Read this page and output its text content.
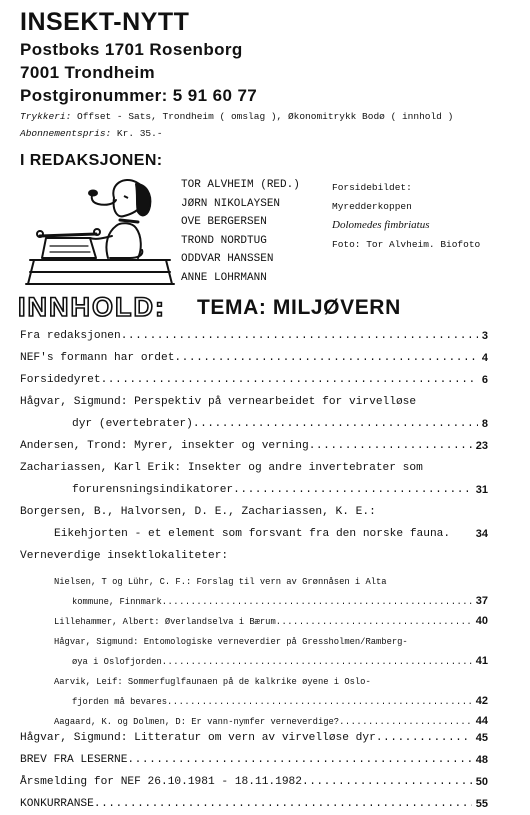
INSEKT-NYTT
Postboks 1701 Rosenborg
7001 Trondheim
Postgironummer: 5 91 60 77
Trykkeri: Offset - Sats, Trondheim ( omslag ), Økonomitrykk Bodø ( innhold )
Abonnementspris: Kr. 35.-
I REDAKSJONEN:
TOR ALVHEIM (RED.)
JØRN NIKOLAYSEN
OVE BERGERSEN
TROND NORDTUG
ODDVAR HANSSEN
ANNE LOHRMANN
Forsidebildet:
Myredderkoppen
Dolomedes fimbriatus
Foto: Tor Alvheim. Biofoto
INNHOLD: TEMA: MILJØVERN
Fra redaksjonen .....	3
NEF's formann har ordet .....	4
Forsidedyret .....	6
Hågvar, Sigmund: Perspektiv på vernearbeidet for virvelløse
dyr (evertebrater) .....	8
Andersen, Trond: Myrer, insekter og verning .....	23
Zachariassen, Karl Erik: Insekter og andre invertebrater som
forurensningsindikatorer .....	31
Borgersen, B., Halvorsen, D. E., Zachariassen, K. E.:
Eikehjorten - et element som forsvant fra den norske fauna.	34
Verneverdige insektlokaliteter:
Nielsen, T og Lühr, C. F.: Forslag til vern av Grønnåsen i Alta
kommune, Finnmark .....	37
Lillehammer, Albert: Øverlandselva i Bærum .....	40
Hågvar, Sigmund: Entomologiske verneverdier på Gressholmen/Ramberg-
øya i Oslofjorden .....	41
Aarvik, Leif: Sommerfuglfaunaen på de kalkrike øyene i Oslo-
fjorden må bevares .....	42
Aagaard, K. og Dolmen, D: Er vann-nymfer verneverdige? .....	44
Hågvar, Sigmund: Litteratur om vern av virvelløse dyr .....	45
BREV FRA LESERNE .....	48
Årsmelding for NEF 26.10.1981 - 18.11.1982 .....	50
KONKURRANSE .....	55
